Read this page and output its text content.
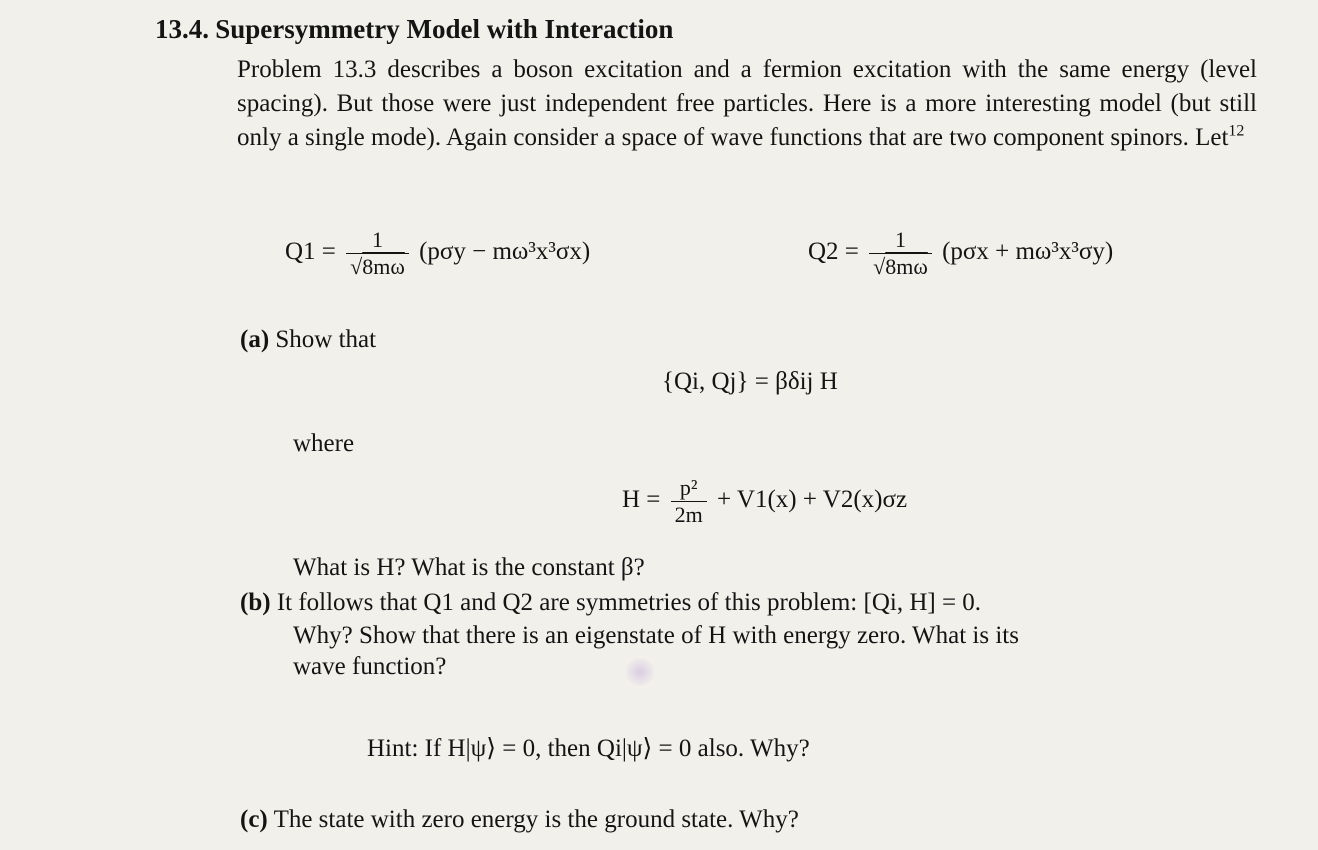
13.4. Supersymmetry Model with Interaction
Problem 13.3 describes a boson excitation and a fermion excitation with the same energy (level spacing). But those were just independent free particles. Here is a more interesting model (but still only a single mode). Again consider a space of wave functions that are two component spinors. Let$^{12}$
$Q1 = \frac{1}{√8m\omega} (p\sigma y - m\omega^3x^3\sigma x)$	$Q2 = \frac{1}{√8m\omega} (p\sigma x + m\omega^3x^3\sigma y)$
(a) Show that
{Qi, Qj} = βδij H
where
$H = \frac{\text{p²}}{2m} + V1(x) + V2(x)\sigma z$
What is H? What is the constant β?
(b) It follows that Q1 and Q2 are symmetries of this problem: [Qi, H] = 0.
Why? Show that there is an eigenstate of H with energy zero. What is its
wave function?
Hint: If H|ψ⟩ = 0, then Qi|ψ⟩ = 0 also. Why?
(c) The state with zero energy is the ground state. Why?
